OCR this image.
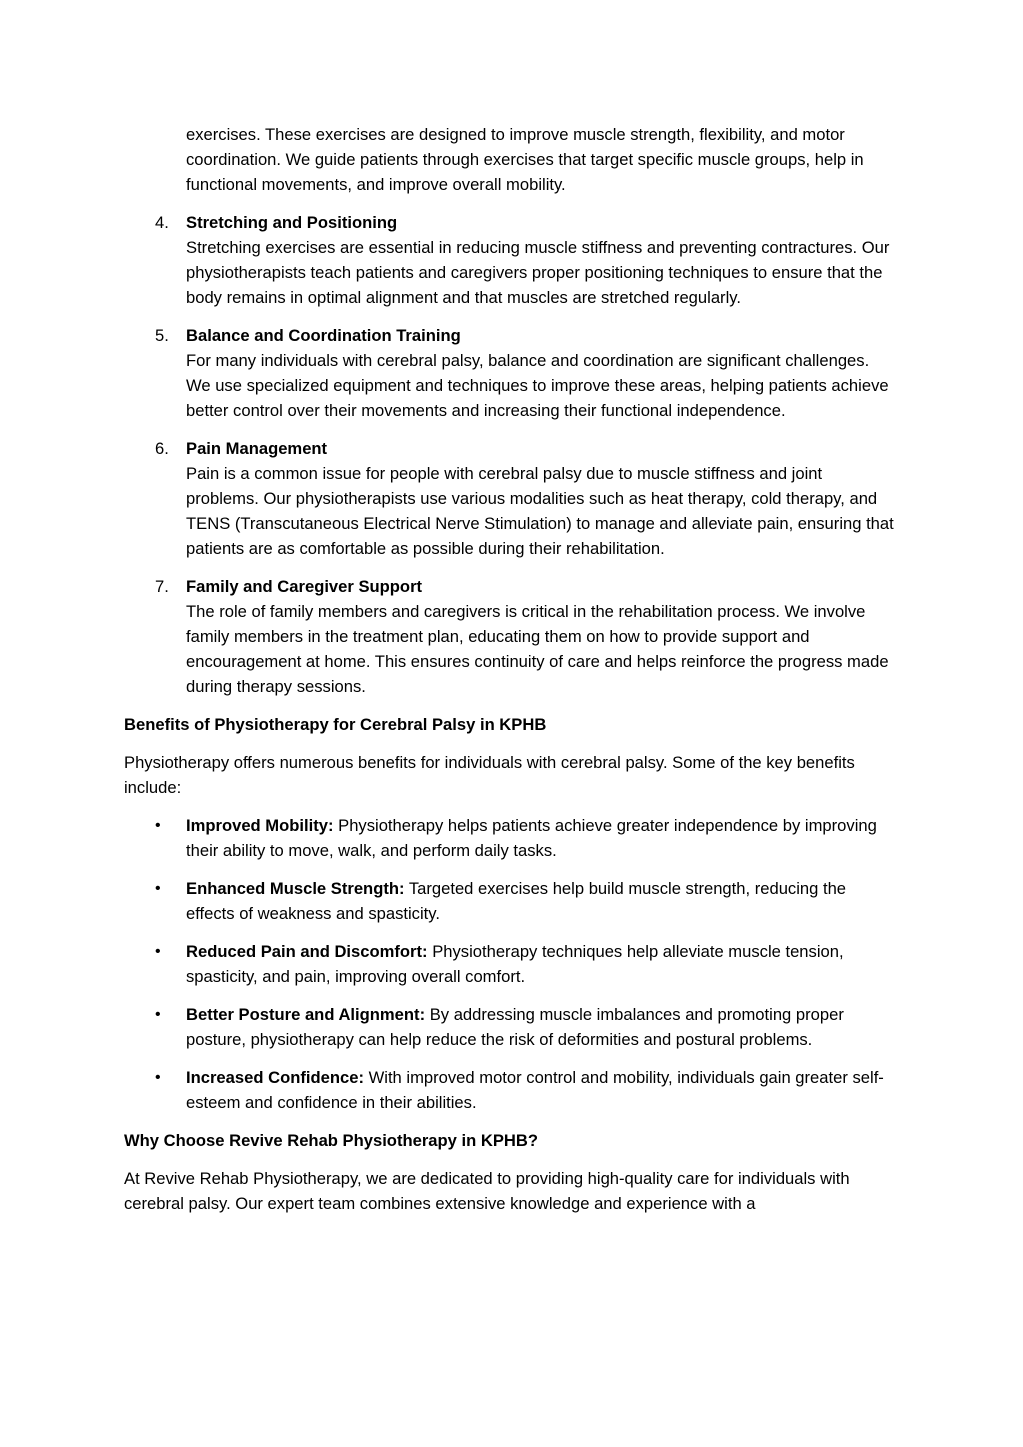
exercises. These exercises are designed to improve muscle strength, flexibility, and motor coordination. We guide patients through exercises that target specific muscle groups, help in functional movements, and improve overall mobility.

4.	Stretching and Positioning
Stretching exercises are essential in reducing muscle stiffness and preventing contractures. Our physiotherapists teach patients and caregivers proper positioning techniques to ensure that the body remains in optimal alignment and that muscles are stretched regularly.
5.	Balance and Coordination Training
For many individuals with cerebral palsy, balance and coordination are significant challenges. We use specialized equipment and techniques to improve these areas, helping patients achieve better control over their movements and increasing their functional independence.
6.	Pain Management
Pain is a common issue for people with cerebral palsy due to muscle stiffness and joint problems. Our physiotherapists use various modalities such as heat therapy, cold therapy, and TENS (Transcutaneous Electrical Nerve Stimulation) to manage and alleviate pain, ensuring that patients are as comfortable as possible during their rehabilitation.
7.	Family and Caregiver Support
The role of family members and caregivers is critical in the rehabilitation process. We involve family members in the treatment plan, educating them on how to provide support and encouragement at home. This ensures continuity of care and helps reinforce the progress made during therapy sessions.

Benefits of Physiotherapy for Cerebral Palsy in KPHB

Physiotherapy offers numerous benefits for individuals with cerebral palsy. Some of the key benefits include:

• Improved Mobility: Physiotherapy helps patients achieve greater independence by improving their ability to move, walk, and perform daily tasks.
• Enhanced Muscle Strength: Targeted exercises help build muscle strength, reducing the effects of weakness and spasticity.
• Reduced Pain and Discomfort: Physiotherapy techniques help alleviate muscle tension, spasticity, and pain, improving overall comfort.
• Better Posture and Alignment: By addressing muscle imbalances and promoting proper posture, physiotherapy can help reduce the risk of deformities and postural problems.
• Increased Confidence: With improved motor control and mobility, individuals gain greater self-esteem and confidence in their abilities.

Why Choose Revive Rehab Physiotherapy in KPHB?

At Revive Rehab Physiotherapy, we are dedicated to providing high-quality care for individuals with cerebral palsy. Our expert team combines extensive knowledge and experience with a
